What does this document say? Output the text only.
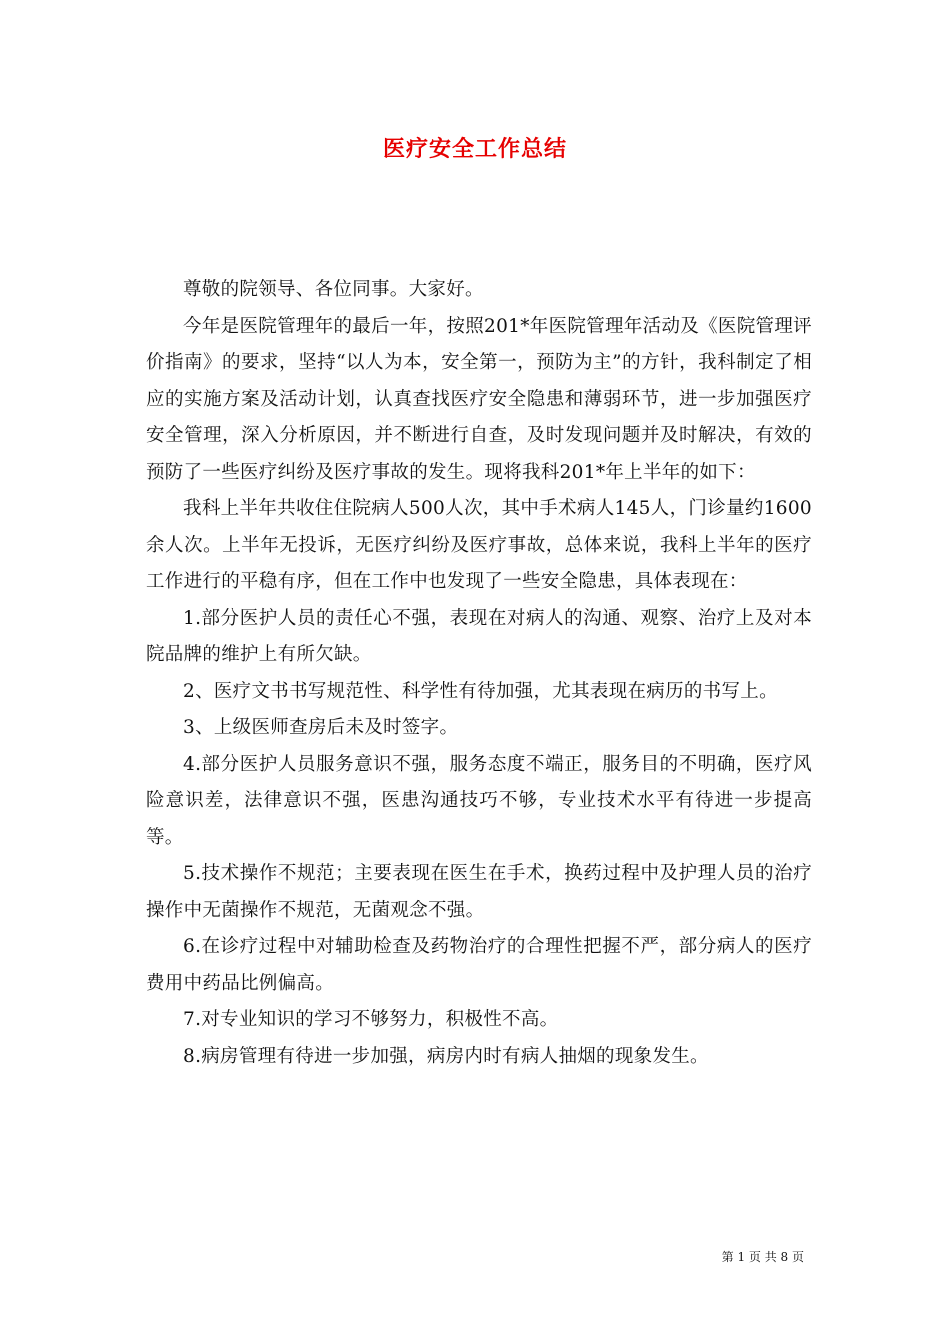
医疗安全工作总结

尊敬的院领导、各位同事。大家好。

今年是医院管理年的最后一年，按照201*年医院管理年活动及《医院管理评价指南》的要求，坚持“以人为本，安全第一，预防为主”的方针，我科制定了相应的实施方案及活动计划，认真查找医疗安全隐患和薄弱环节，进一步加强医疗安全管理，深入分析原因，并不断进行自查，及时发现问题并及时解决，有效的预防了一些医疗纠纷及医疗事故的发生。现将我科201*年上半年的如下：

我科上半年共收住住院病人500人次，其中手术病人145人，门诊量约1600余人次。上半年无投诉，无医疗纠纷及医疗事故，总体来说，我科上半年的医疗工作进行的平稳有序，但在工作中也发现了一些安全隐患，具体表现在：

1.部分医护人员的责任心不强，表现在对病人的沟通、观察、治疗上及对本院品牌的维护上有所欠缺。

2、医疗文书书写规范性、科学性有待加强，尤其表现在病历的书写上。

3、上级医师查房后未及时签字。

4.部分医护人员服务意识不强，服务态度不端正，服务目的不明确，医疗风险意识差，法律意识不强，医患沟通技巧不够，专业技术水平有待进一步提高等。

5.技术操作不规范；主要表现在医生在手术，换药过程中及护理人员的治疗操作中无菌操作不规范，无菌观念不强。

6.在诊疗过程中对辅助检查及药物治疗的合理性把握不严，部分病人的医疗费用中药品比例偏高。

7.对专业知识的学习不够努力，积极性不高。

8.病房管理有待进一步加强，病房内时有病人抽烟的现象发生。

第 1 页 共 8 页
